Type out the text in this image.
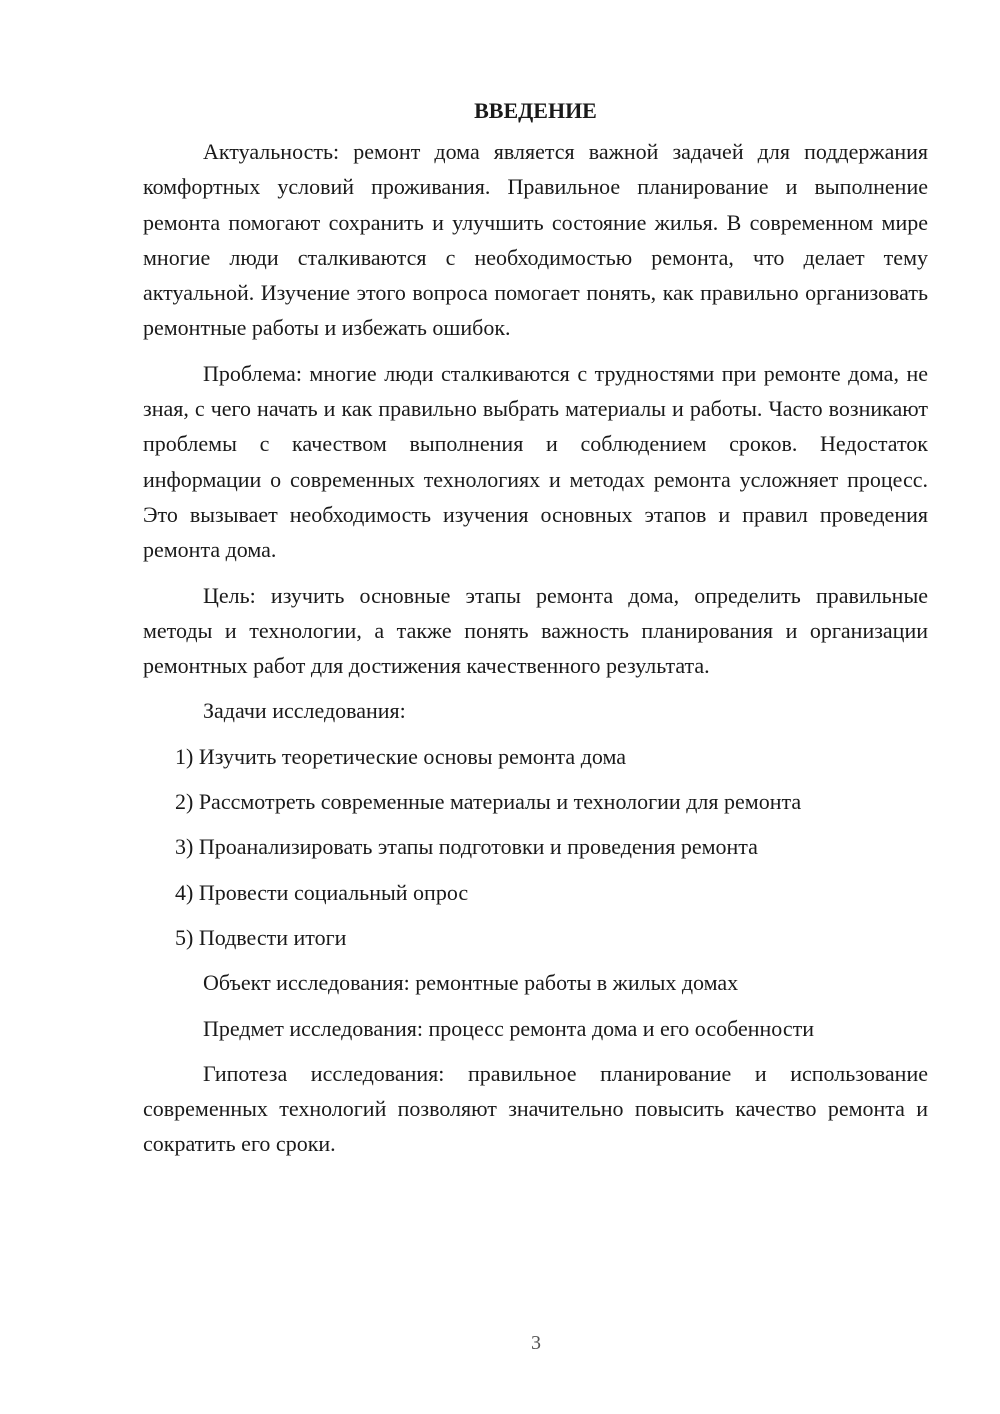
ВВЕДЕНИЕ

Актуальность: ремонт дома является важной задачей для поддержания комфортных условий проживания. Правильное планирование и выполнение ремонта помогают сохранить и улучшить состояние жилья. В современном мире многие люди сталкиваются с необходимостью ремонта, что делает тему актуальной. Изучение этого вопроса помогает понять, как правильно организовать ремонтные работы и избежать ошибок.

Проблема: многие люди сталкиваются с трудностями при ремонте дома, не зная, с чего начать и как правильно выбрать материалы и работы. Часто возникают проблемы с качеством выполнения и соблюдением сроков. Недостаток информации о современных технологиях и методах ремонта усложняет процесс. Это вызывает необходимость изучения основных этапов и правил проведения ремонта дома.

Цель: изучить основные этапы ремонта дома, определить правильные методы и технологии, а также понять важность планирования и организации ремонтных работ для достижения качественного результата.

Задачи исследования:

1) Изучить теоретические основы ремонта дома
2) Рассмотреть современные материалы и технологии для ремонта
3) Проанализировать этапы подготовки и проведения ремонта
4) Провести социальный опрос
5) Подвести итоги

Объект исследования: ремонтные работы в жилых домах

Предмет исследования: процесс ремонта дома и его особенности

Гипотеза исследования: правильное планирование и использование современных технологий позволяют значительно повысить качество ремонта и сократить его сроки.

3
